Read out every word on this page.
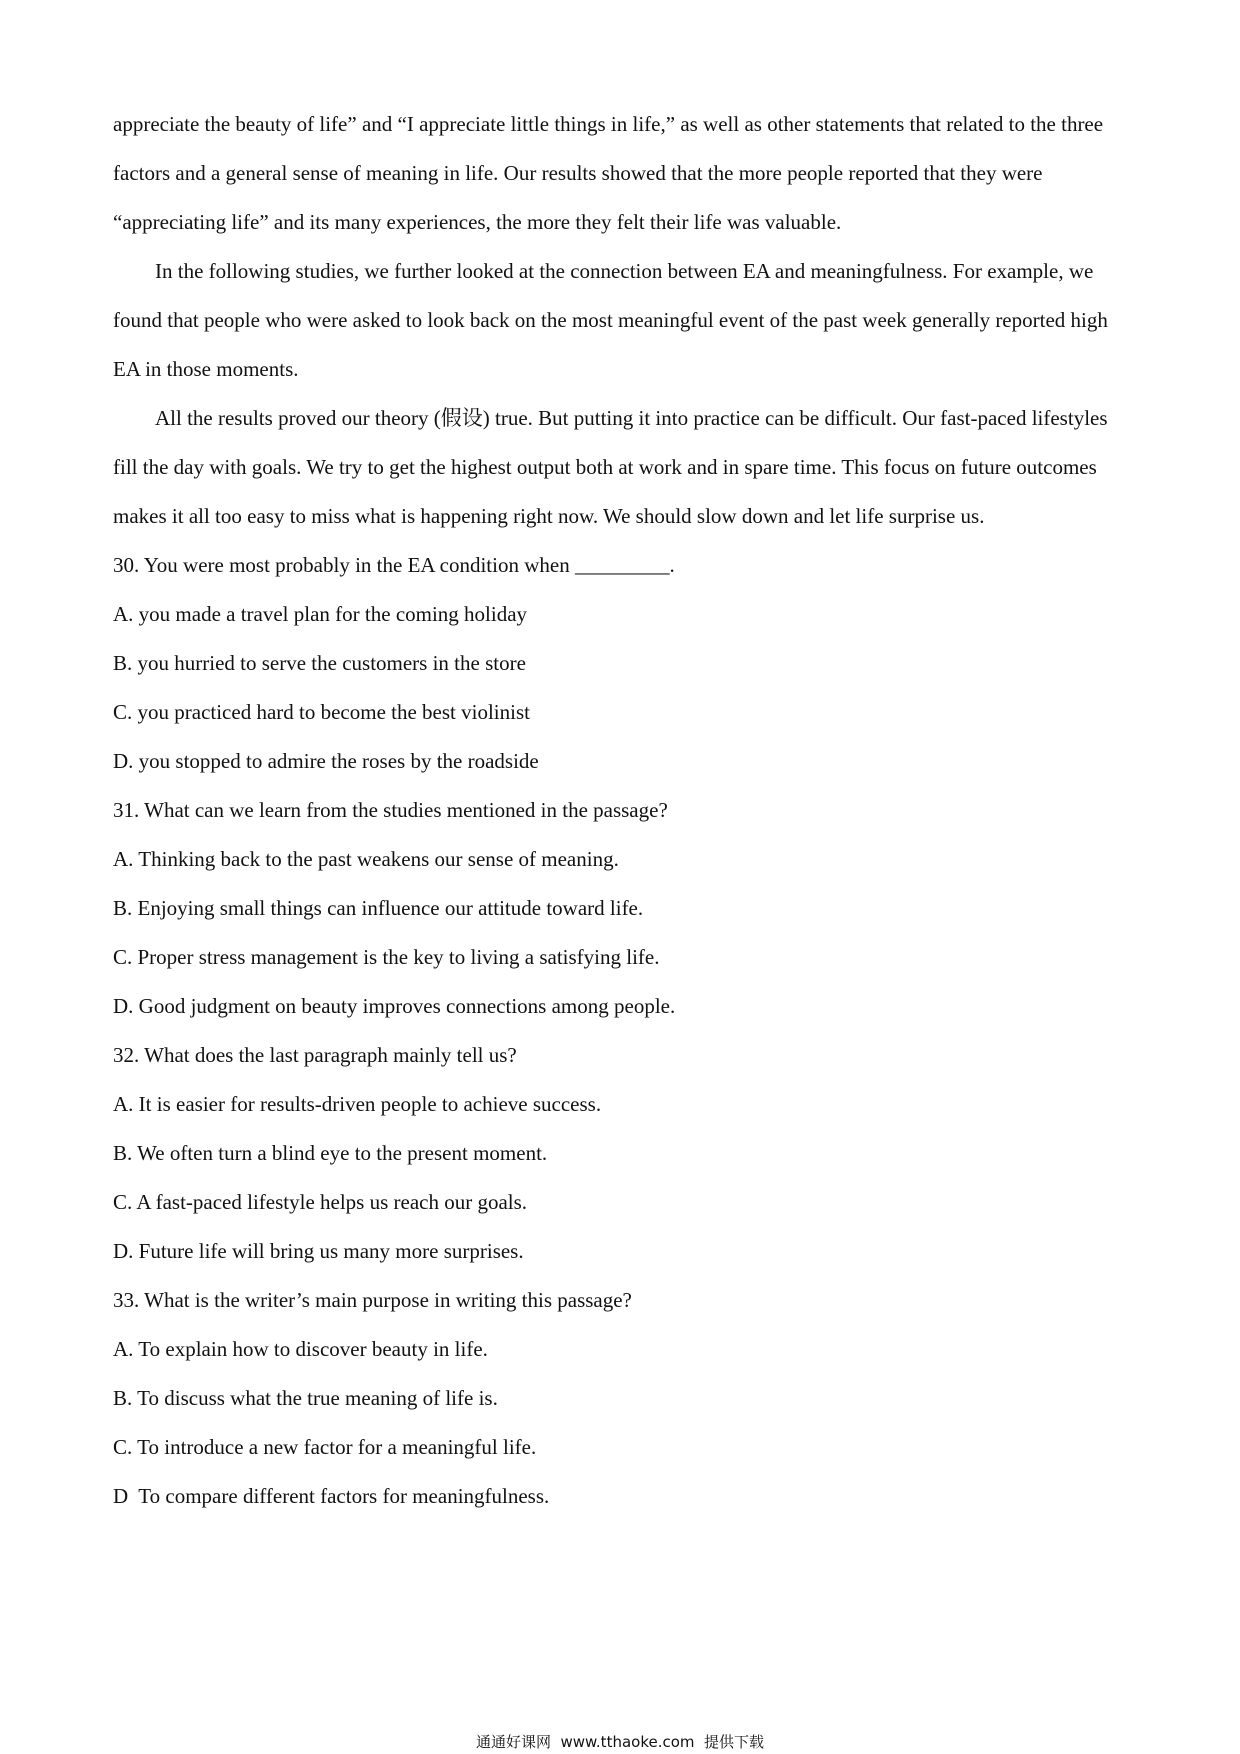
appreciate the beauty of life” and “I appreciate little things in life,” as well as other statements that related to the three factors and a general sense of meaning in life. Our results showed that the more people reported that they were “appreciating life” and its many experiences, the more they felt their life was valuable.

In the following studies, we further looked at the connection between EA and meaningfulness. For example, we found that people who were asked to look back on the most meaningful event of the past week generally reported high EA in those moments.

All the results proved our theory (假设) true. But putting it into practice can be difficult. Our fast-paced lifestyles fill the day with goals. We try to get the highest output both at work and in spare time. This focus on future outcomes makes it all too easy to miss what is happening right now. We should slow down and let life surprise us.

30. You were most probably in the EA condition when _________.

A. you made a travel plan for the coming holiday

B. you hurried to serve the customers in the store

C. you practiced hard to become the best violinist

D. you stopped to admire the roses by the roadside

31. What can we learn from the studies mentioned in the passage?

A. Thinking back to the past weakens our sense of meaning.

B. Enjoying small things can influence our attitude toward life.

C. Proper stress management is the key to living a satisfying life.

D. Good judgment on beauty improves connections among people.

32. What does the last paragraph mainly tell us?

A. It is easier for results-driven people to achieve success.

B. We often turn a blind eye to the present moment.

C. A fast-paced lifestyle helps us reach our goals.

D. Future life will bring us many more surprises.

33. What is the writer’s main purpose in writing this passage?

A. To explain how to discover beauty in life.

B. To discuss what the true meaning of life is.

C. To introduce a new factor for a meaningful life.

D  To compare different factors for meaningfulness.

通通好课网  www.tthaoke.com  提供下载
